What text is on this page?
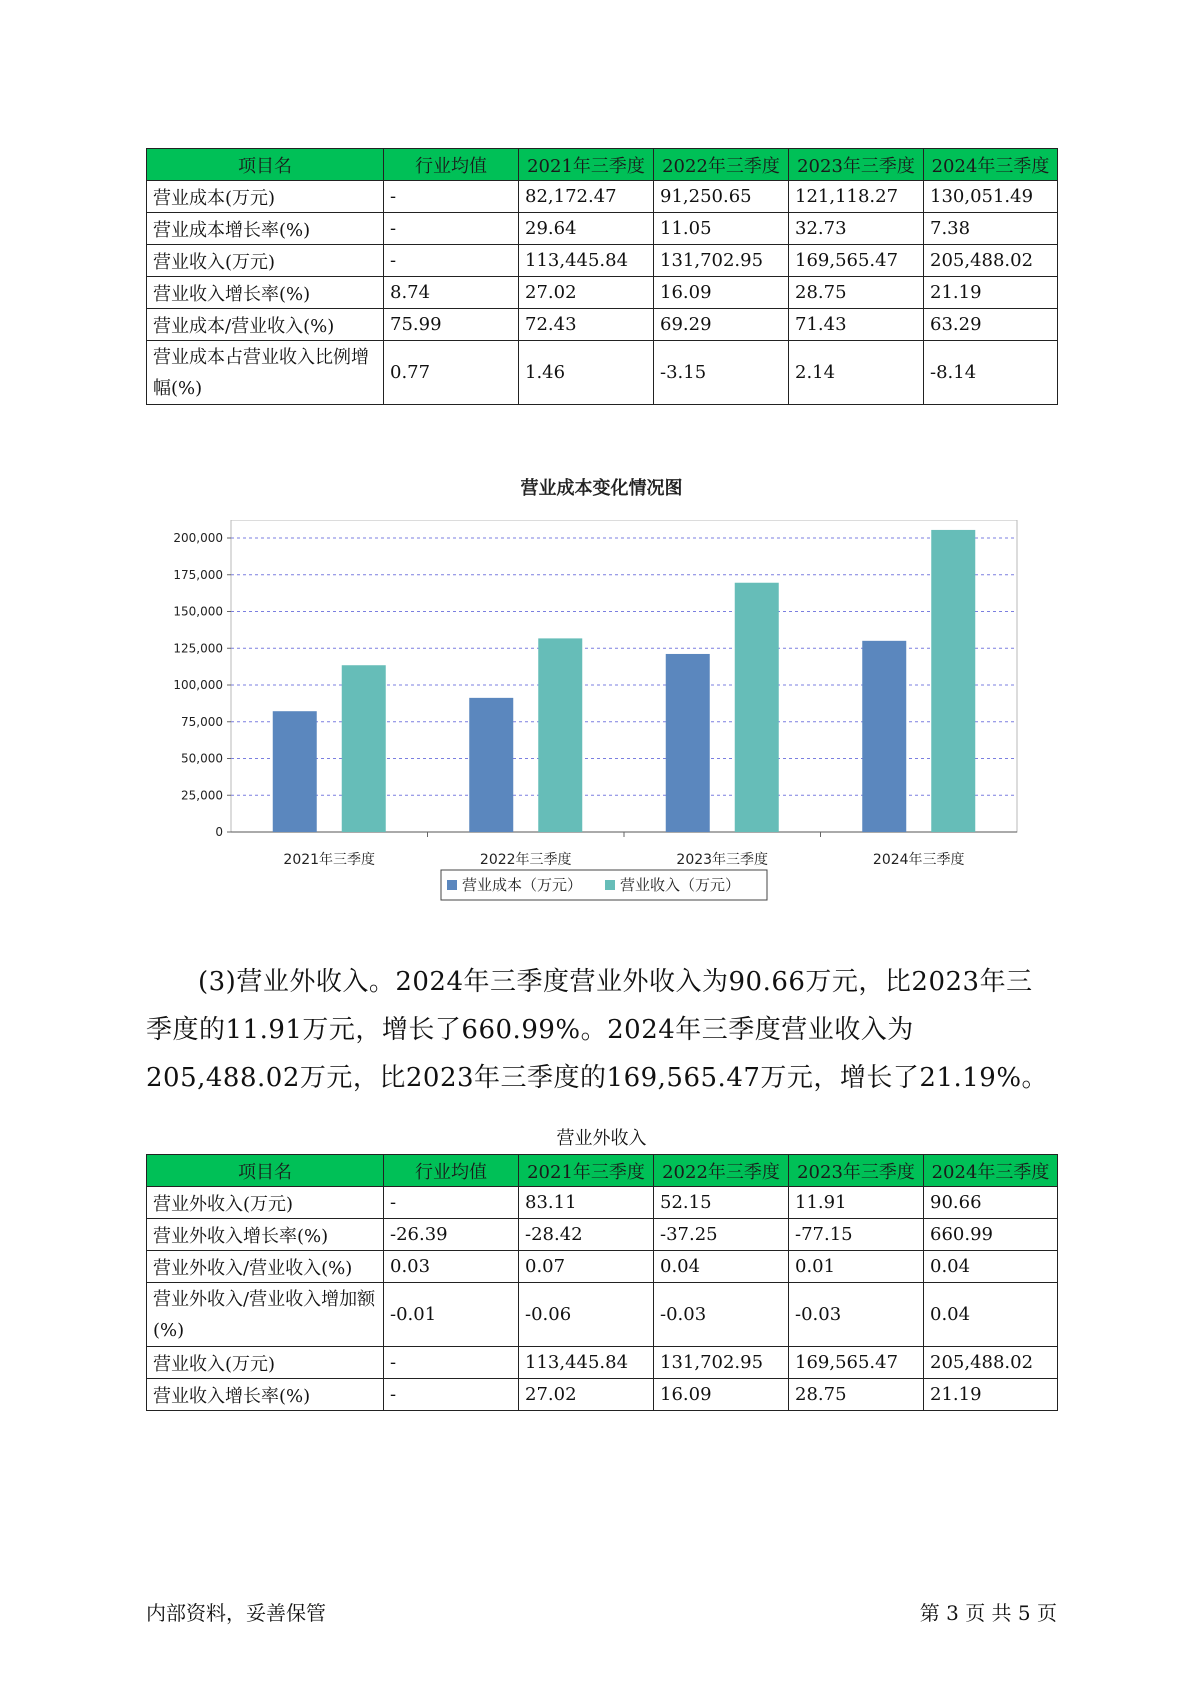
项目名	行业均值	2021年三季度	2022年三季度	2023年三季度	2024年三季度
营业成本(万元)	-	82,172.47	91,250.65	121,118.27	130,051.49
营业成本增长率(%)	-	29.64	11.05	32.73	7.38
营业收入(万元)	-	113,445.84	131,702.95	169,565.47	205,488.02
营业收入增长率(%)	8.74	27.02	16.09	28.75	21.19
营业成本/营业收入(%)	75.99	72.43	69.29	71.43	63.29
营业成本占营业收入比例增幅(%)	0.77	1.46	-3.15	2.14	-8.14
营业成本变化情况图
0
25,000
50,000
75,000
100,000
125,000
150,000
175,000
200,000
2021年三季度	2022年三季度	2023年三季度	2024年三季度
营业成本（万元）	营业收入（万元）

(3)营业外收入。2024年三季度营业外收入为90.66万元，比2023年三季度的11.91万元，增长了660.99%。2024年三季度营业收入为205,488.02万元，比2023年三季度的169,565.47万元，增长了21.19%。

营业外收入
项目名	行业均值	2021年三季度	2022年三季度	2023年三季度	2024年三季度
营业外收入(万元)	-	83.11	52.15	11.91	90.66
营业外收入增长率(%)	-26.39	-28.42	-37.25	-77.15	660.99
营业外收入/营业收入(%)	0.03	0.07	0.04	0.01	0.04
营业外收入/营业收入增加额(%)	-0.01	-0.06	-0.03	-0.03	0.04
营业收入(万元)	-	113,445.84	131,702.95	169,565.47	205,488.02
营业收入增长率(%)	-	27.02	16.09	28.75	21.19
内部资料，妥善保管	第 3 页 共 5 页
